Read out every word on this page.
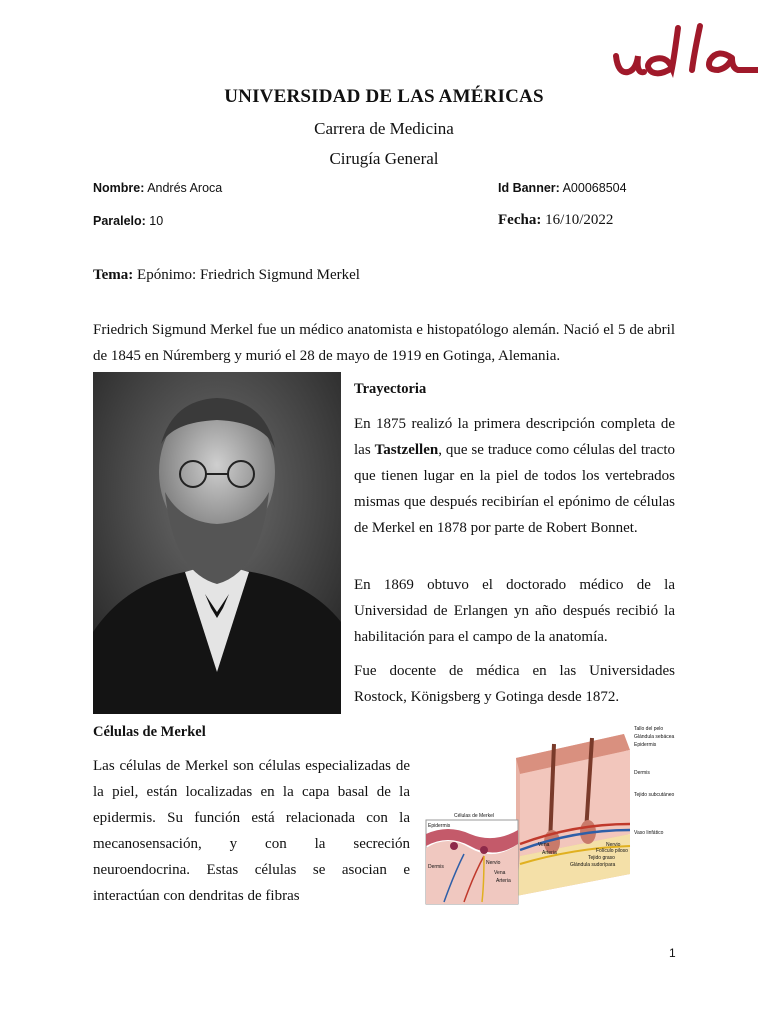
UNIVERSIDAD DE LAS AMÉRICAS
Carrera de Medicina
Cirugía General
Nombre: Andrés Aroca	Id Banner: A00068504
Paralelo: 10	Fecha: 16/10/2022
Tema: Epónimo: Friedrich Sigmund Merkel
Friedrich Sigmund Merkel fue un médico anatomista e histopatólogo alemán. Nació el 5 de abril de 1845 en Núremberg y murió el 28 de mayo de 1919 en Gotinga, Alemania.
Trayectoria
En 1875 realizó la primera descripción completa de las Tastzellen, que se traduce como células del tracto que tienen lugar en la piel de todos los vertebrados mismas que después recibirían el epónimo de células de Merkel en 1878 por parte de Robert Bonnet.
En 1869 obtuvo el doctorado médico de la Universidad de Erlangen yn año después recibió la habilitación para el campo de la anatomía.
Fue docente de médica en las Universidades Rostock, Königsberg y Gotinga desde 1872.
Células de Merkel
Las células de Merkel son células especializadas de la piel, están localizadas en la capa basal de la epidermis. Su función está relacionada con la mecanosensación, y con la secreción neuroendocrina. Estas células se asocian e interactúan con dendritas de fibras
Tallo del pelo
Glándula sebácea
Epidermis
Dermis
Tejido subcutáneo
Vaso linfático
Nervio
Folículo piloso
Tejido graso
Glándula sudorípara
Vena
Arteria
Células de Merkel
Epidermis
Dermis
Nervio
Vena
Arteria
1
